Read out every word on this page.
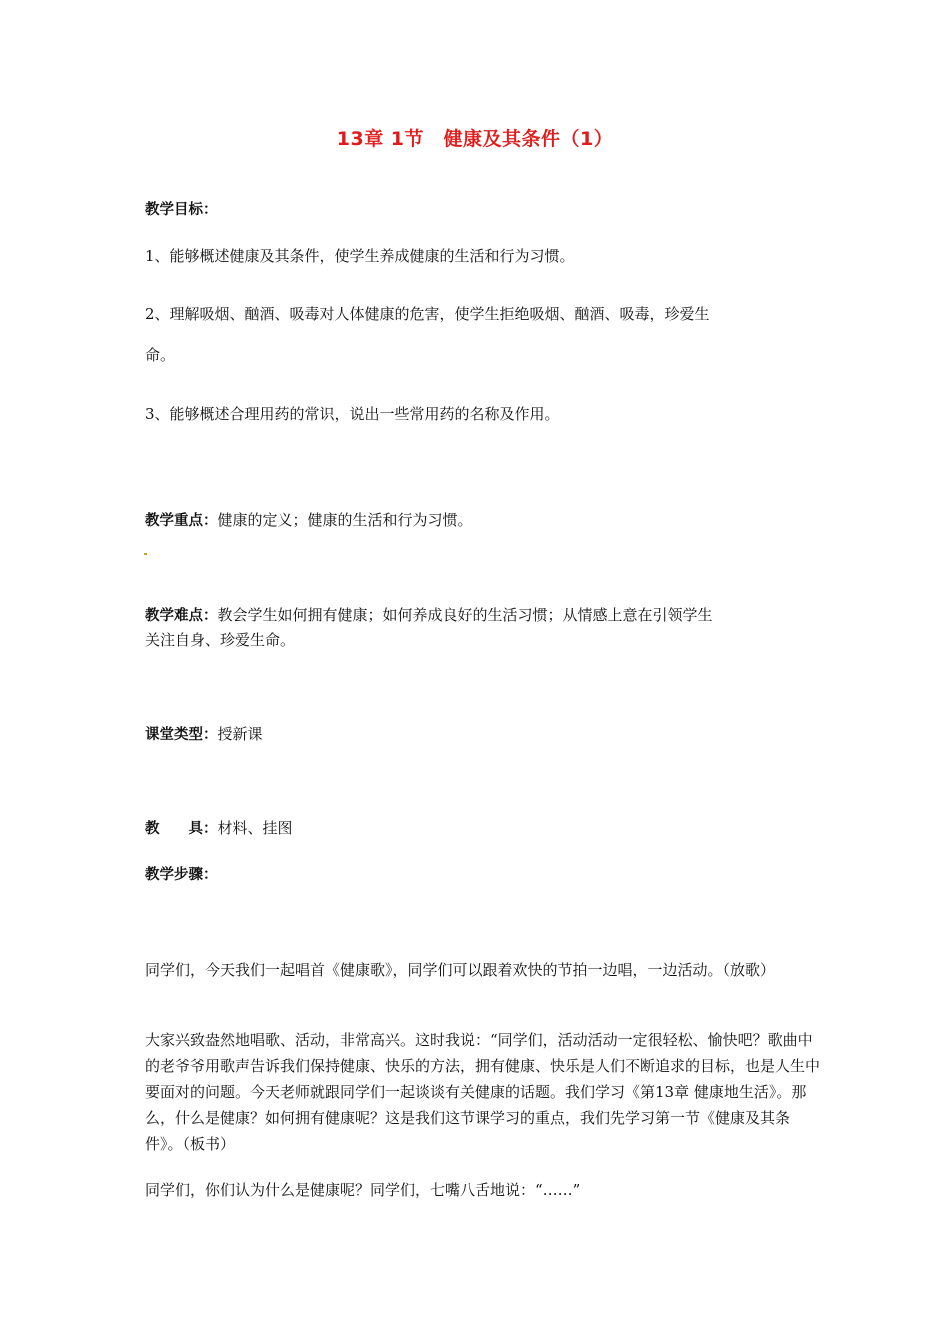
13章 1节　健康及其条件（1）
教学目标：
1、能够概述健康及其条件，使学生养成健康的生活和行为习惯。
2、理解吸烟、酗酒、吸毒对人体健康的危害，使学生拒绝吸烟、酗酒、吸毒，珍爱生
命。
3、能够概述合理用药的常识，说出一些常用药的名称及作用。
教学重点：健康的定义；健康的生活和行为习惯。
教学难点：教会学生如何拥有健康；如何养成良好的生活习惯；从情感上意在引领学生
关注自身、珍爱生命。
课堂类型：授新课
教　　具：材料、挂图
教学步骤：
同学们，今天我们一起唱首《健康歌》，同学们可以跟着欢快的节拍一边唱，一边活动。（放歌）
大家兴致盎然地唱歌、活动，非常高兴。这时我说：“同学们，活动活动一定很轻松、愉快吧？歌曲中的老爷爷用歌声告诉我们保持健康、快乐的方法，拥有健康、快乐是人们不断追求的目标，也是人生中要面对的问题。今天老师就跟同学们一起谈谈有关健康的话题。我们学习《第13章 健康地生活》。那么，什么是健康？如何拥有健康呢？这是我们这节课学习的重点，我们先学习第一节《健康及其条件》。（板书）
同学们，你们认为什么是健康呢？同学们，七嘴八舌地说：“……”
